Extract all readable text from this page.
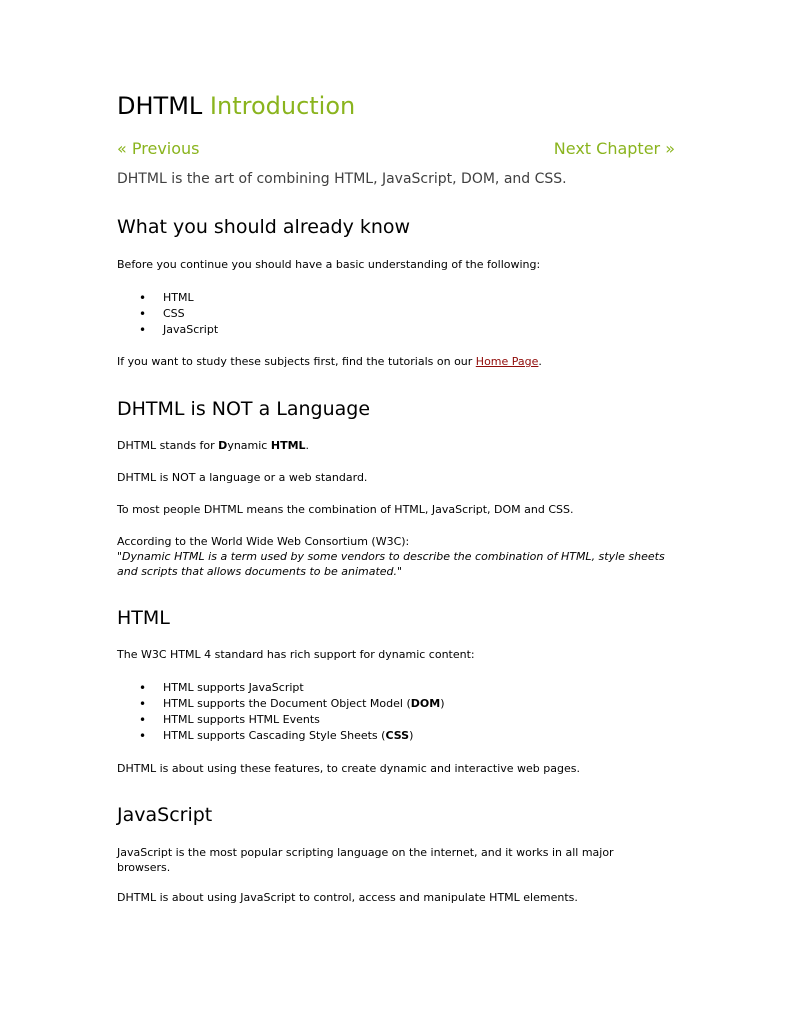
DHTML Introduction
« Previous	Next Chapter »
DHTML is the art of combining HTML, JavaScript, DOM, and CSS.
What you should already know

Before you continue you should have a basic understanding of the following:

• HTML
• CSS
• JavaScript

If you want to study these subjects first, find the tutorials on our Home Page.

DHTML is NOT a Language

DHTML stands for Dynamic HTML.

DHTML is NOT a language or a web standard.

To most people DHTML means the combination of HTML, JavaScript, DOM and CSS.

According to the World Wide Web Consortium (W3C):
"Dynamic HTML is a term used by some vendors to describe the combination of HTML, style sheets and scripts that allows documents to be animated."

HTML

The W3C HTML 4 standard has rich support for dynamic content:

• HTML supports JavaScript
• HTML supports the Document Object Model (DOM)
• HTML supports HTML Events
• HTML supports Cascading Style Sheets (CSS)

DHTML is about using these features, to create dynamic and interactive web pages.

JavaScript

JavaScript is the most popular scripting language on the internet, and it works in all major browsers.

DHTML is about using JavaScript to control, access and manipulate HTML elements.
